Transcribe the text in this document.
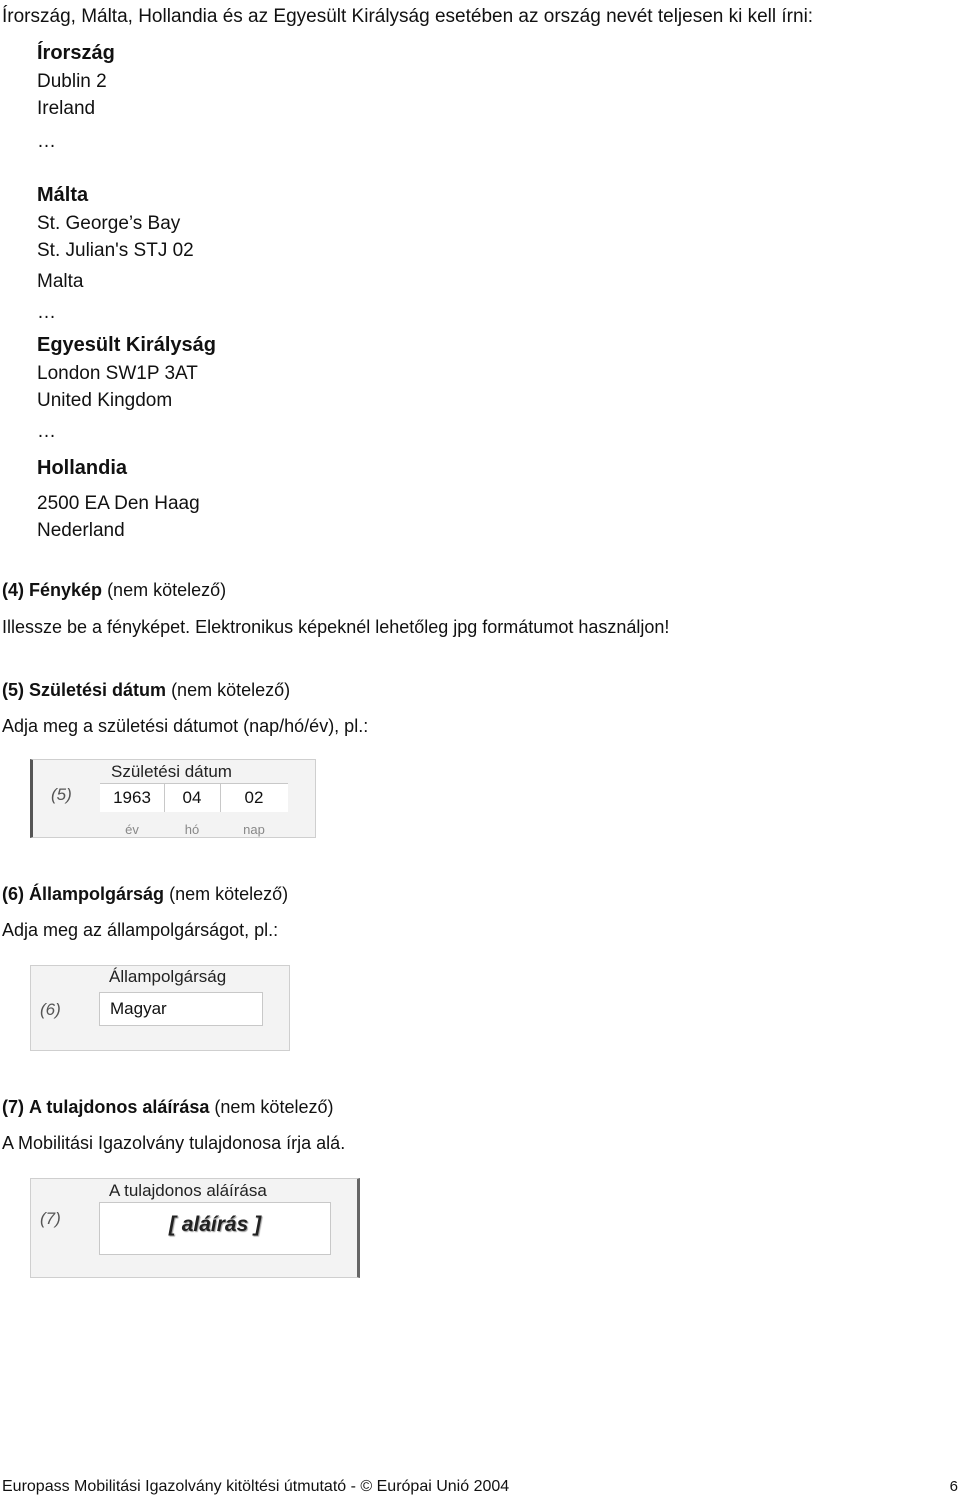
Írország, Málta, Hollandia és az Egyesült Királyság esetében az ország nevét teljesen ki kell írni:
Írország
Dublin 2
Ireland
…
Málta
St. George’s Bay
St. Julian's STJ 02
Malta
…
Egyesült Királyság
London SW1P 3AT
United Kingdom
…
Hollandia
2500 EA Den Haag
Nederland
(4) Fénykép (nem kötelező)
Illessze be a fényképet. Elektronikus képeknél lehetőleg jpg formátumot használjon!
(5) Születési dátum (nem kötelező)
Adja meg a születési dátumot (nap/hó/év), pl.:
(5)
Születési dátum
1963	04	02
év	hó	nap
(6) Állampolgárság (nem kötelező)
Adja meg az állampolgárságot, pl.:
(6)
Állampolgárság
Magyar
(7) A tulajdonos aláírása (nem kötelező)
A Mobilitási Igazolvány tulajdonosa írja alá.
(7)
A tulajdonos aláírása
[ aláírás ]
Europass Mobilitási Igazolvány kitöltési útmutató - © Európai Unió 2004	6
